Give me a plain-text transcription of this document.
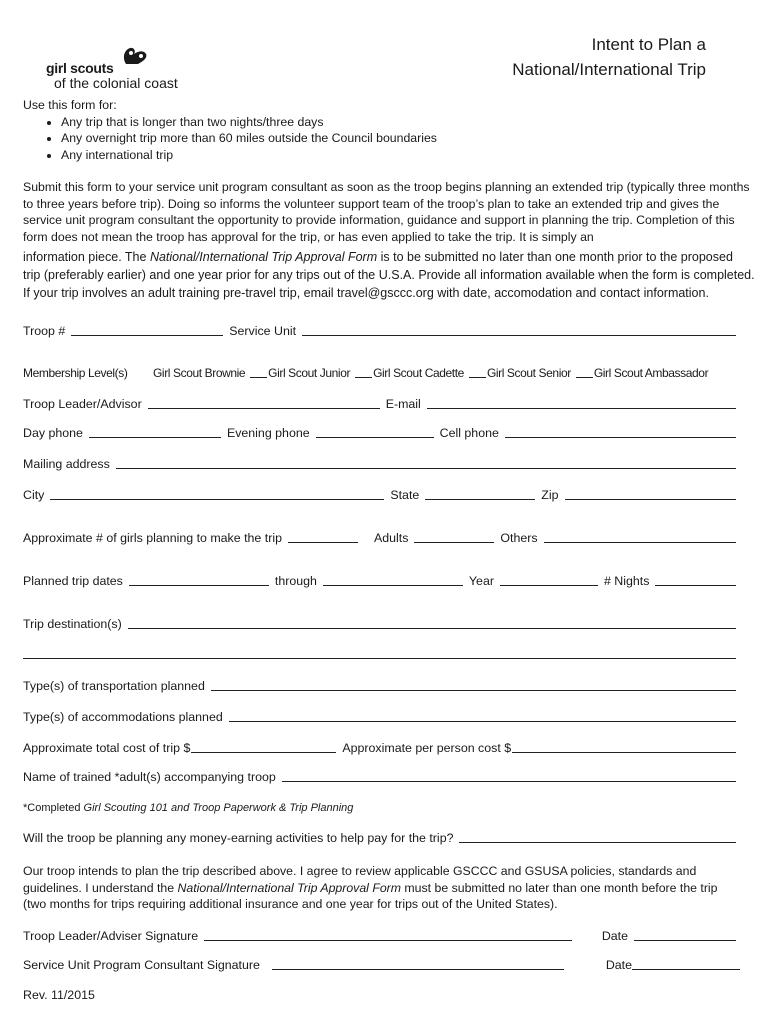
girl scouts
of the colonial coast
Intent to Plan a
National/International Trip
Use this form for:
• Any trip that is longer than two nights/three days
• Any overnight trip more than 60 miles outside the Council boundaries
• Any international trip
Submit this form to your service unit program consultant as soon as the troop begins planning an extended trip (typically three months to three years before trip). Doing so informs the volunteer support team of the troop’s plan to take an extended trip and gives the service unit program consultant the opportunity to provide information, guidance and support in planning the trip. Completion of this form does not mean the troop has approval for the trip, or has even applied to take the trip. It is simply an
information piece. The National/International Trip Approval Form is to be submitted no later than one month prior to the proposed
trip (preferably earlier) and one year prior for any trips out of the U.S.A. Provide all information available when the form is completed.
If your trip involves an adult training pre-travel trip, email travel@gsccc.org with date, accomodation and contact information.
Troop #	Service Unit
Membership Level(s)	Girl Scout Brownie Girl Scout Junior Girl Scout Cadette Girl Scout Senior Girl Scout Ambassador
Troop Leader/Advisor	E-mail
Day phone	Evening phone	Cell phone
Mailing address
City	State	Zip
Approximate # of girls planning to make the trip	Adults	Others
Planned trip dates	through	Year	# Nights
Trip destination(s)
Type(s) of transportation planned
Type(s) of accommodations planned
Approximate total cost of trip $	Approximate per person cost $
Name of trained *adult(s) accompanying troop
*Completed Girl Scouting 101 and Troop Paperwork & Trip Planning
Will the troop be planning any money-earning activities to help pay for the trip?
Our troop intends to plan the trip described above. I agree to review applicable GSCCC and GSUSA policies, standards and guidelines. I understand the National/International Trip Approval Form must be submitted no later than one month before the trip (two months for trips requiring additional insurance and one year for trips out of the United States).
Troop Leader/Adviser Signature	Date
Service Unit Program Consultant Signature	Date
Rev. 11/2015
